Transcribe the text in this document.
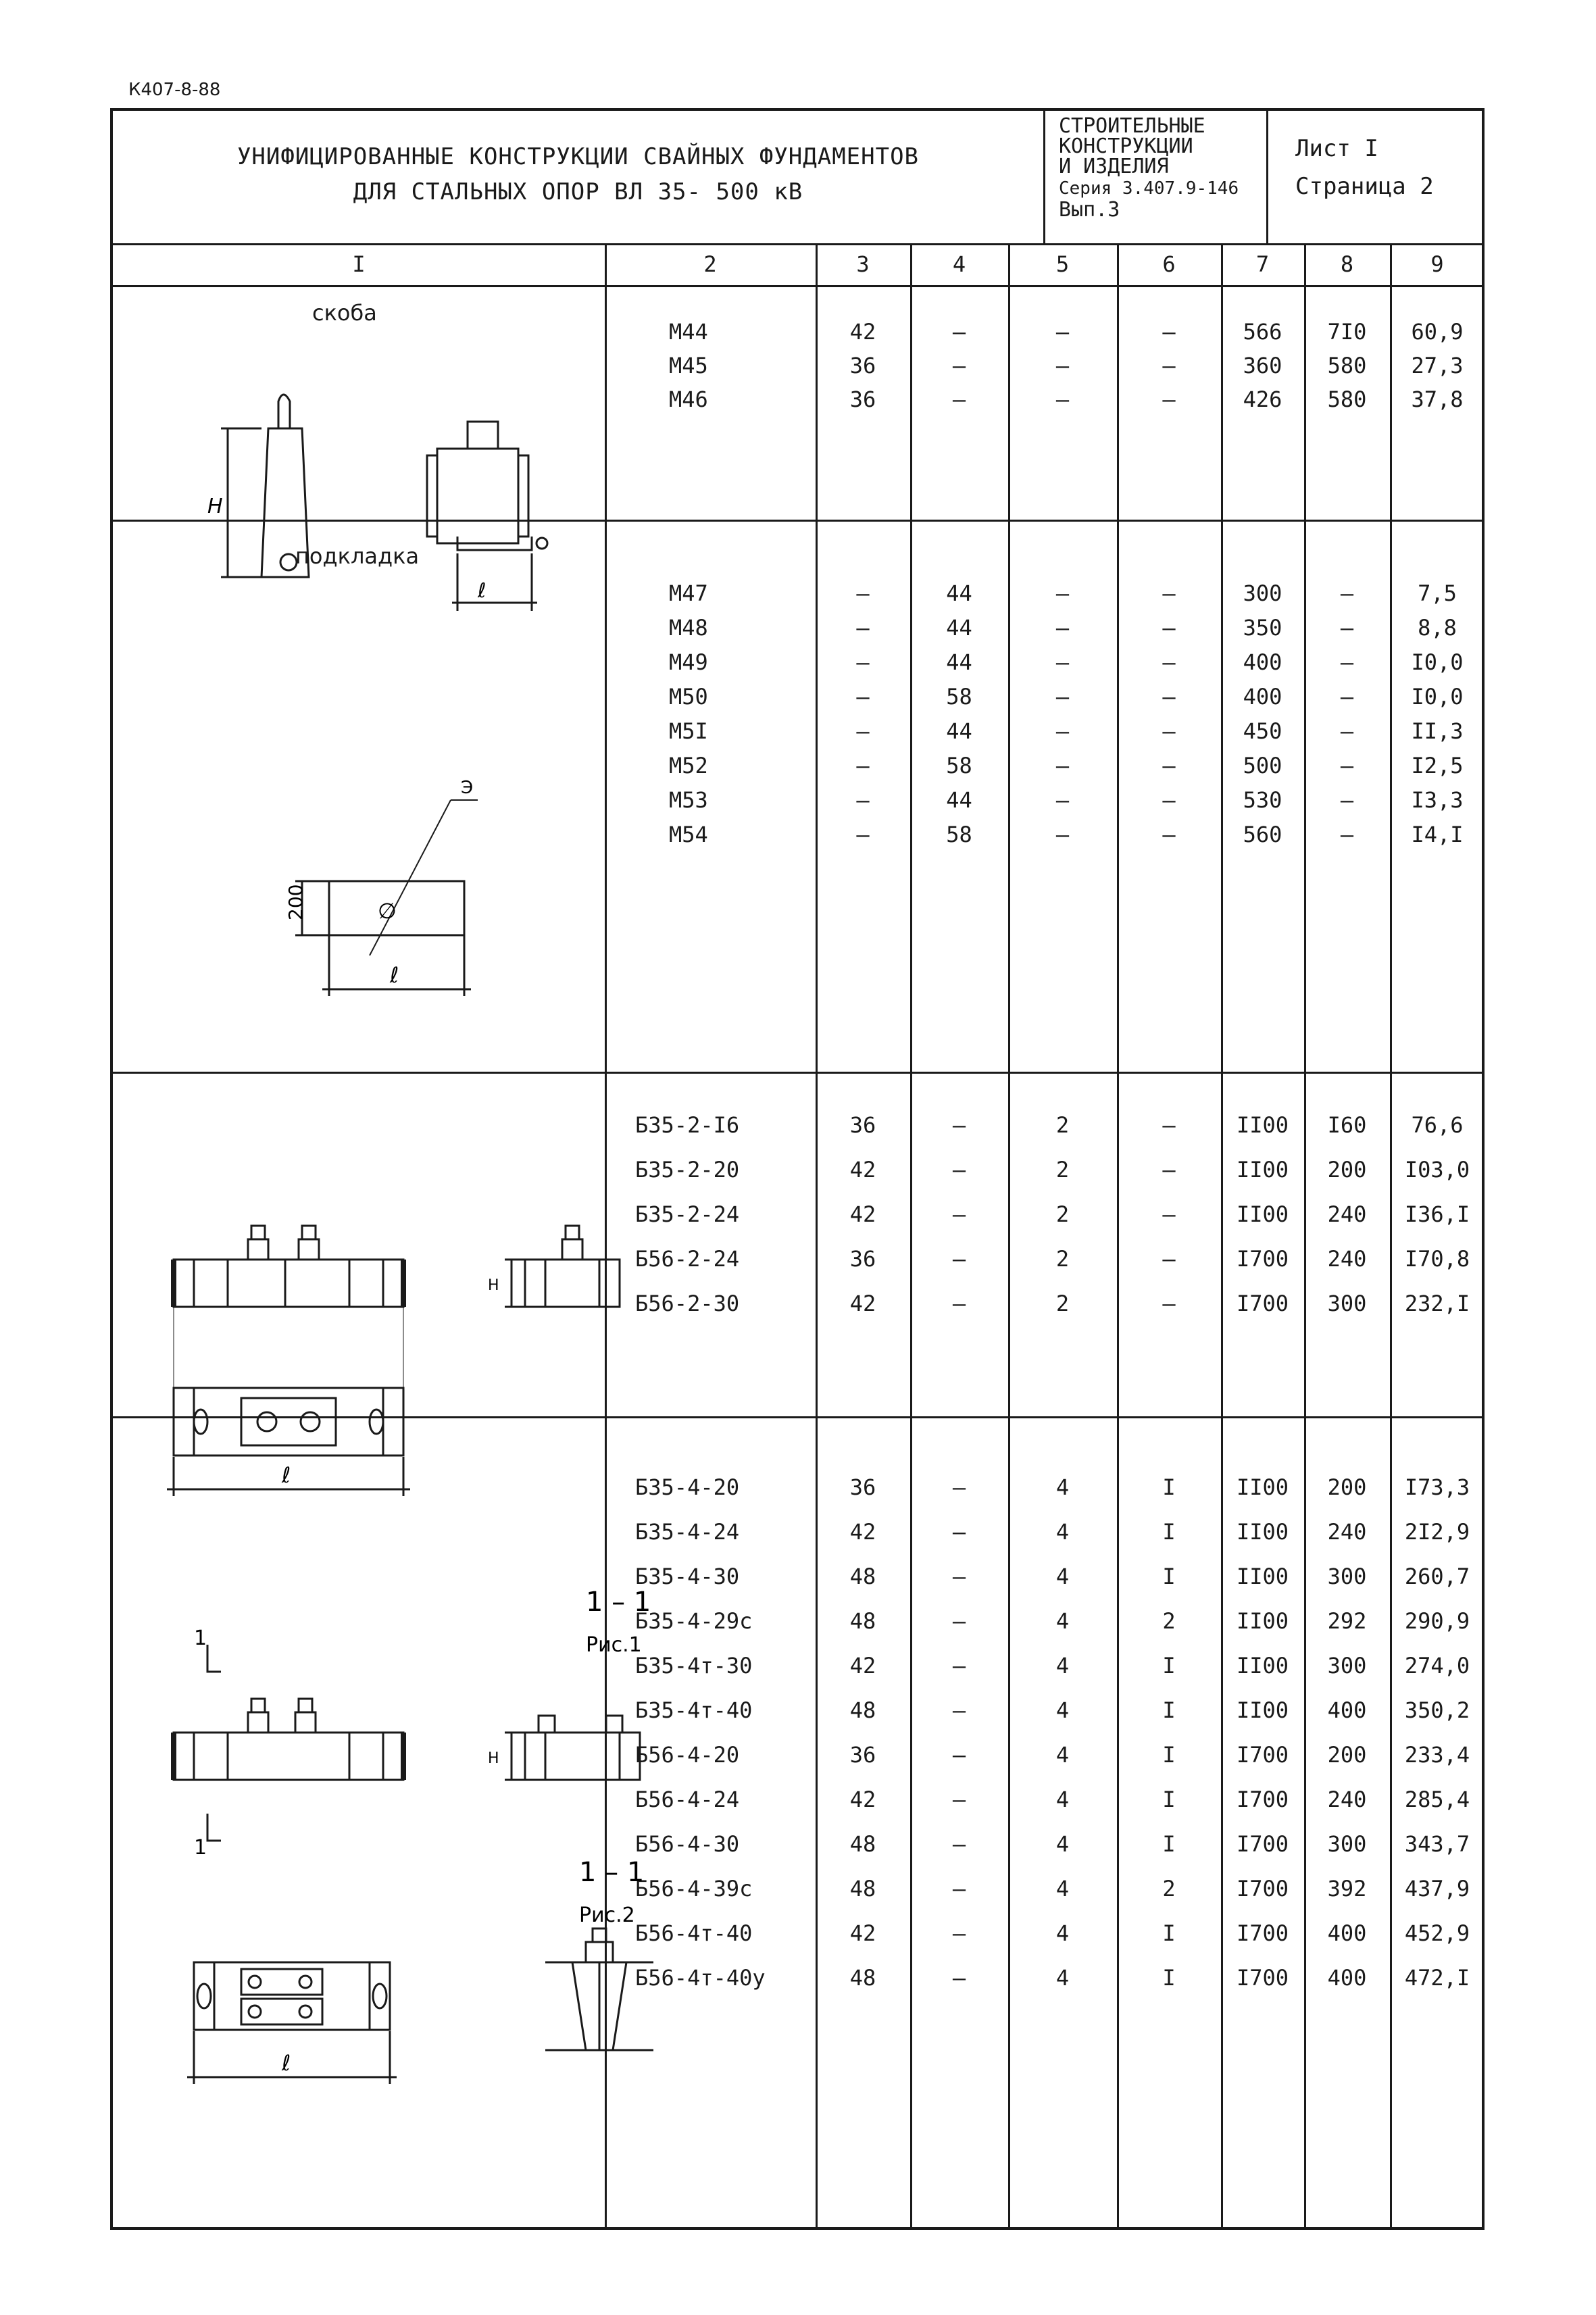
К407-8-88
УНИФИЦИРОВАННЫЕ КОНСТРУКЦИИ СВАЙНЫХ ФУНДАМЕНТОВ
ДЛЯ СТАЛЬНЫХ ОПОР ВЛ 35- 500 кВ
СТРОИТЕЛЬНЫЕ
КОНСТРУКЦИИ
И ИЗДЕЛИЯ
Серия 3.407.9-146
Вып.3
Лист I
Страница 2
I	2	3	4	5	6	7	8	9
М44	42	—	–	–	566	7I0	60,9
М45	36	—	–	–	360	580	27,3
М46	36	—	–	–	426	580	37,8
М47	–	44	–	–	300	–	7,5
М48	–	44	–	–	350	–	8,8
М49	–	44	–	–	400	–	I0,0
М50	–	58	–	–	400	–	I0,0
М5I	–	44	–	–	450	–	II,3
М52	–	58	–	–	500	–	I2,5
М53	–	44	–	–	530	–	I3,3
М54	–	58	–	–	560	–	I4,I
Б35-2-I6	36	–	2	–	II00	I60	76,6
Б35-2-20	42	–	2	–	II00	200	I03,0
Б35-2-24	42	–	2	–	II00	240	I36,I
Б56-2-24	36	–	2	–	I700	240	I70,8
Б56-2-30	42	–	2	–	I700	300	232,I
Б35-4-20	36	–	4	I	II00	200	I73,3
Б35-4-24	42	–	4	I	II00	240	2I2,9
Б35-4-30	48	–	4	I	II00	300	260,7
Б35-4-29с	48	–	4	2	II00	292	290,9
Б35-4т-30	42	–	4	I	II00	300	274,0
Б35-4т-40	48	–	4	I	II00	400	350,2
Б56-4-20	36	–	4	I	I700	200	233,4
Б56-4-24	42	–	4	I	I700	240	285,4
Б56-4-30	48	–	4	I	I700	300	343,7
Б56-4-39с	48	–	4	2	I700	392	437,9
Б56-4т-40	42	–	4	I	I700	400	452,9
Б56-4т-40у	48	–	4	I	I700	400	472,I
H
ℓ
200
ℓ
∅
Э
H
ℓ
1 – 1
Рис.1
1 – 1
Рис.2
H
ℓ
1
1
скоба
подкладка
